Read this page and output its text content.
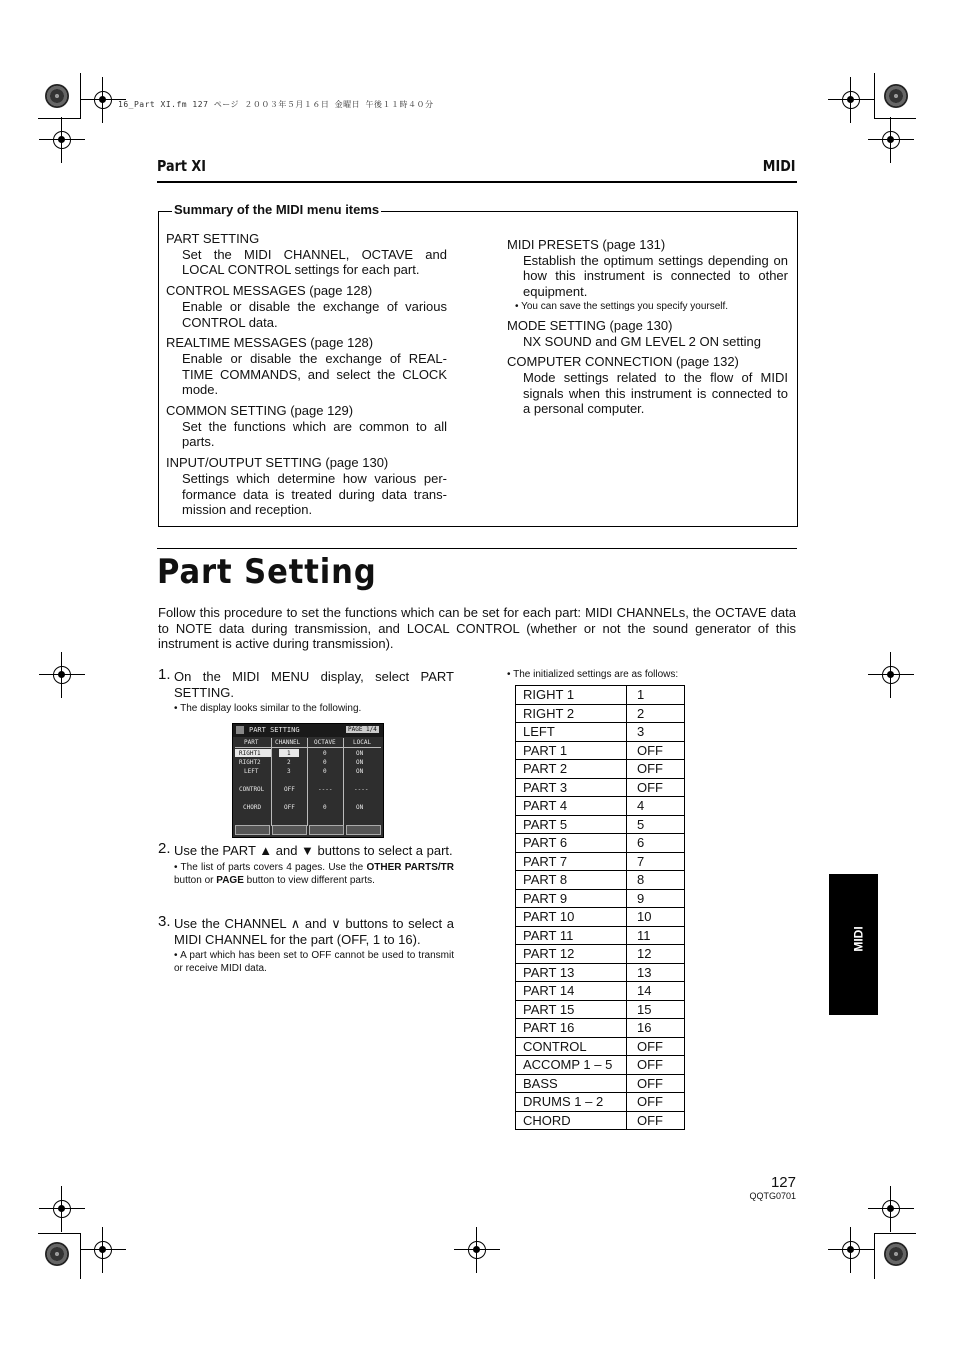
16_Part XI.fm 127 ページ ２００３年５月１６日 金曜日 午後１１時４０分
Part XI	MIDI
Summary of the MIDI menu items
PART SETTING
Set the MIDI CHANNEL, OCTAVE and LOCAL CONTROL settings for each part.
CONTROL MESSAGES (page 128)
Enable or disable the exchange of various CONTROL data.
REALTIME MESSAGES (page 128)
Enable or disable the exchange of REAL-TIME COMMANDS, and select the CLOCK mode.
COMMON SETTING (page 129)
Set the functions which are common to all parts.
INPUT/OUTPUT SETTING (page 130)
Settings which determine how various per-formance data is treated during data trans-mission and reception.
MIDI PRESETS (page 131)
Establish the optimum settings depending on how this instrument is connected to other equipment.
• You can save the settings you specify yourself.
MODE SETTING (page 130)
NX SOUND and GM LEVEL 2 ON setting
COMPUTER CONNECTION (page 132)
Mode settings related to the flow of MIDI signals when this instrument is connected to a personal computer.
Part Setting
Follow this procedure to set the functions which can be set for each part: MIDI CHANNELs, the OCTAVE data to NOTE data during transmission, and LOCAL CONTROL (whether or not the sound generator of this instrument is active during transmission).
1. On the MIDI MENU display, select PART SETTING.
• The display looks similar to the following.
PART SETTING	PAGE 1/4
PART	CHANNEL OCTAVE	LOCAL
RIGHT1	1	0	ON
RIGHT2	2	0	ON
LEFT	3	0	ON
CONTROL	OFF	----	----
CHORD	OFF	0	ON
2. Use the PART ▲ and ▼ buttons to select a part.
• The list of parts covers 4 pages. Use the OTHER PARTS/TR button or PAGE button to view different parts.
3. Use the CHANNEL ∧ and ∨ buttons to select a MIDI CHANNEL for the part (OFF, 1 to 16).
• A part which has been set to OFF cannot be used to transmit or receive MIDI data.
• The initialized settings are as follows:
RIGHT 1	1
RIGHT 2	2
LEFT	3
PART 1	OFF
PART 2	OFF
PART 3	OFF
PART 4	4
PART 5	5
PART 6	6
PART 7	7
PART 8	8
PART 9	9
PART 10	10
PART 11	11
PART 12	12
PART 13	13
PART 14	14
PART 15	15
PART 16	16
CONTROL	OFF
ACCOMP 1 – 5	OFF
BASS	OFF
DRUMS 1 – 2	OFF
CHORD	OFF
MIDI
127
QQTG0701
